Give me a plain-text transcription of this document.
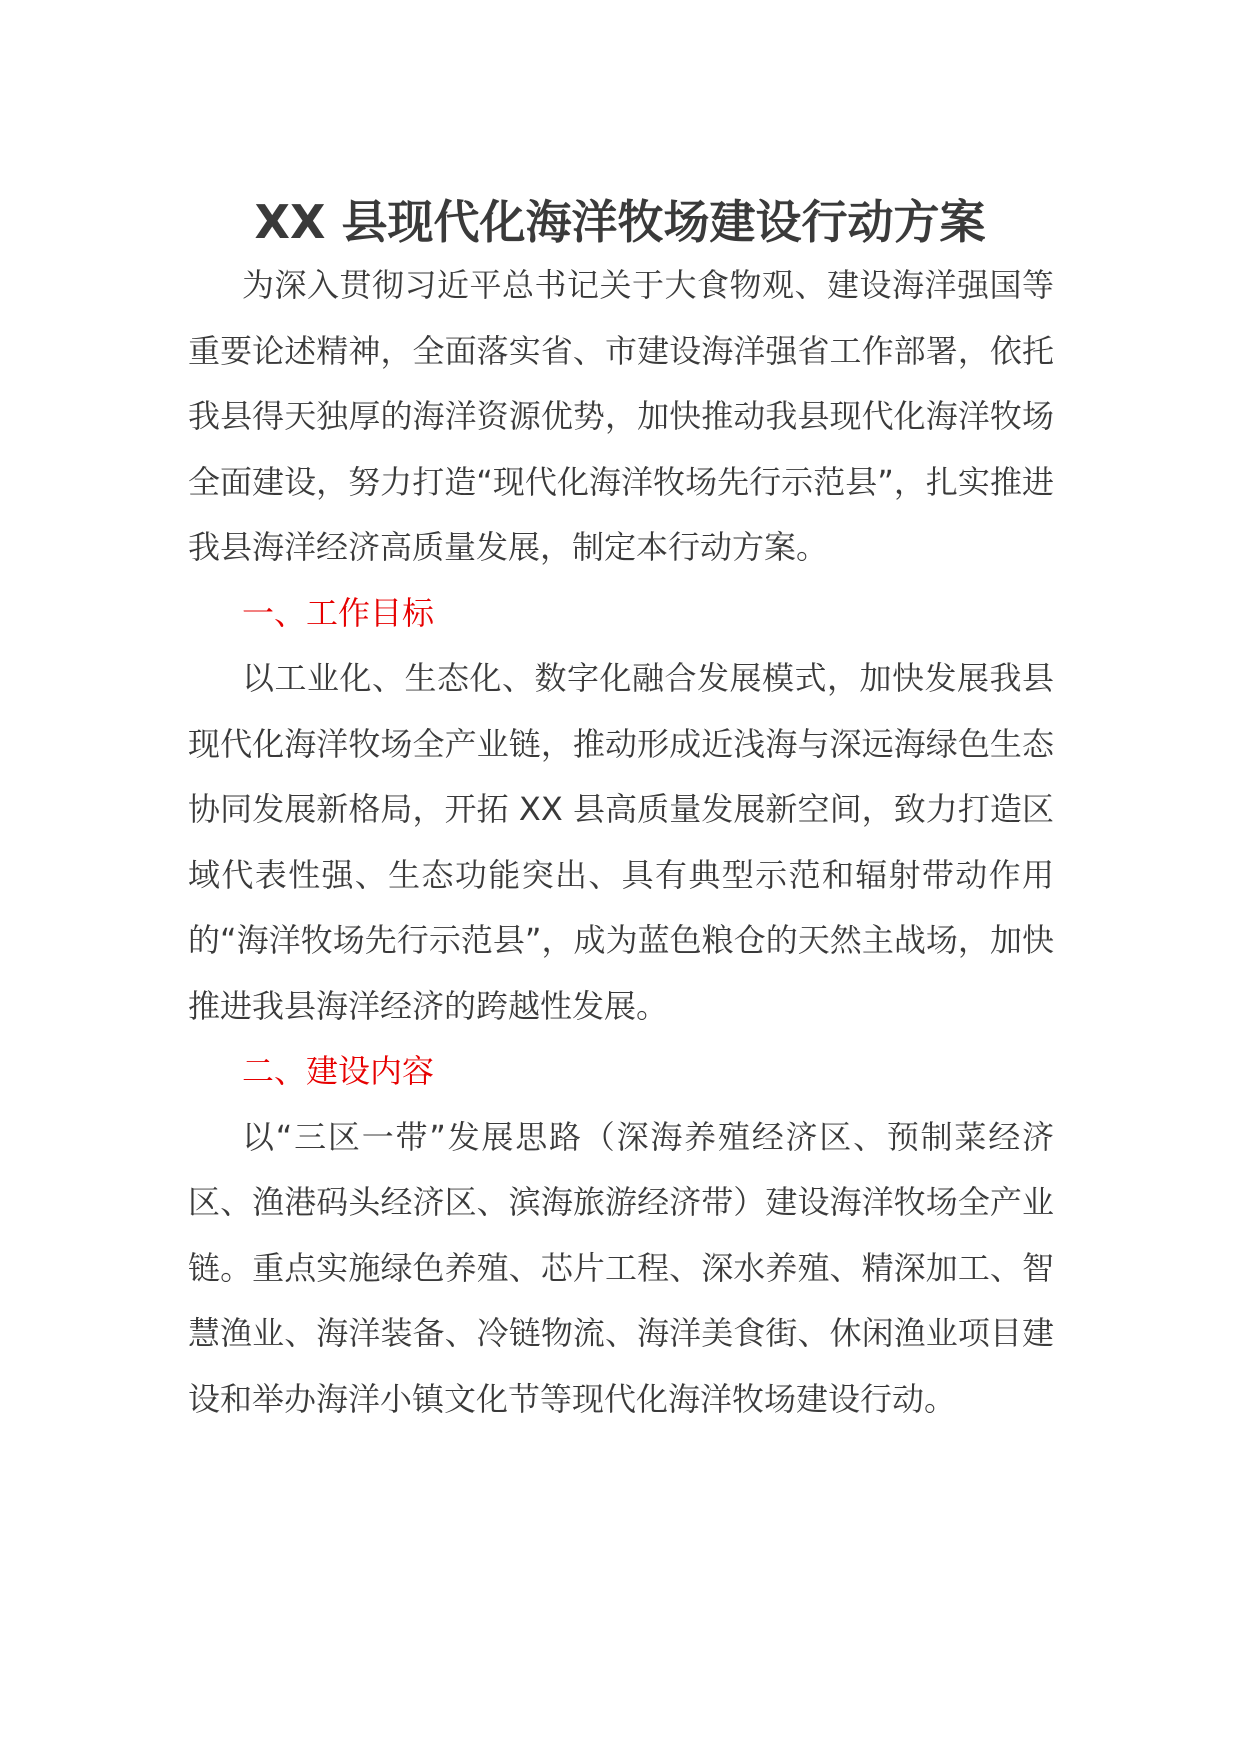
XX 县现代化海洋牧场建设行动方案

为深入贯彻习近平总书记关于大食物观、建设海洋强国等重要论述精神，全面落实省、市建设海洋强省工作部署，依托我县得天独厚的海洋资源优势，加快推动我县现代化海洋牧场全面建设，努力打造“现代化海洋牧场先行示范县”，扎实推进我县海洋经济高质量发展，制定本行动方案。

一、工作目标

以工业化、生态化、数字化融合发展模式，加快发展我县现代化海洋牧场全产业链，推动形成近浅海与深远海绿色生态协同发展新格局，开拓 XX 县高质量发展新空间，致力打造区域代表性强、生态功能突出、具有典型示范和辐射带动作用的“海洋牧场先行示范县”，成为蓝色粮仓的天然主战场，加快推进我县海洋经济的跨越性发展。

二、建设内容

以“三区一带”发展思路（深海养殖经济区、预制菜经济区、渔港码头经济区、滨海旅游经济带）建设海洋牧场全产业链。重点实施绿色养殖、芯片工程、深水养殖、精深加工、智慧渔业、海洋装备、冷链物流、海洋美食街、休闲渔业项目建设和举办海洋小镇文化节等现代化海洋牧场建设行动。
